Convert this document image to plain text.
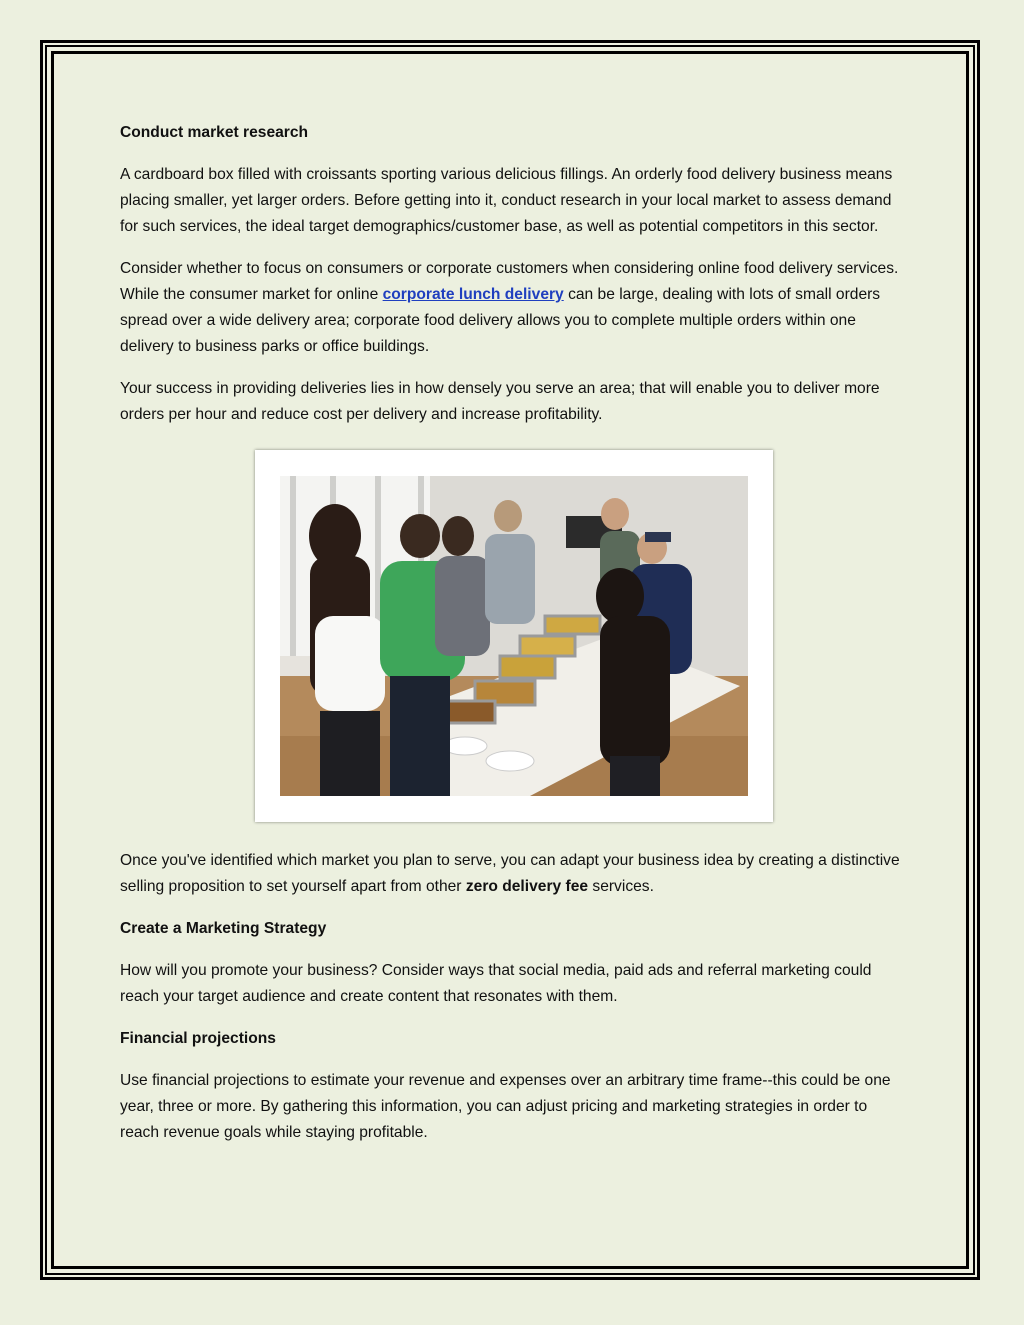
Conduct market research

A cardboard box filled with croissants sporting various delicious fillings. An orderly food delivery business means placing smaller, yet larger orders. Before getting into it, conduct research in your local market to assess demand for such services, the ideal target demographics/customer base, as well as potential competitors in this sector.

Consider whether to focus on consumers or corporate customers when considering online food delivery services. While the consumer market for online corporate lunch delivery can be large, dealing with lots of small orders spread over a wide delivery area; corporate food delivery allows you to complete multiple orders within one delivery to business parks or office buildings.

Your success in providing deliveries lies in how densely you serve an area; that will enable you to deliver more orders per hour and reduce cost per delivery and increase profitability.

Once you've identified which market you plan to serve, you can adapt your business idea by creating a distinctive selling proposition to set yourself apart from other zero delivery fee services.

Create a Marketing Strategy

How will you promote your business? Consider ways that social media, paid ads and referral marketing could reach your target audience and create content that resonates with them.

Financial projections

Use financial projections to estimate your revenue and expenses over an arbitrary time frame--this could be one year, three or more. By gathering this information, you can adjust pricing and marketing strategies in order to reach revenue goals while staying profitable.
